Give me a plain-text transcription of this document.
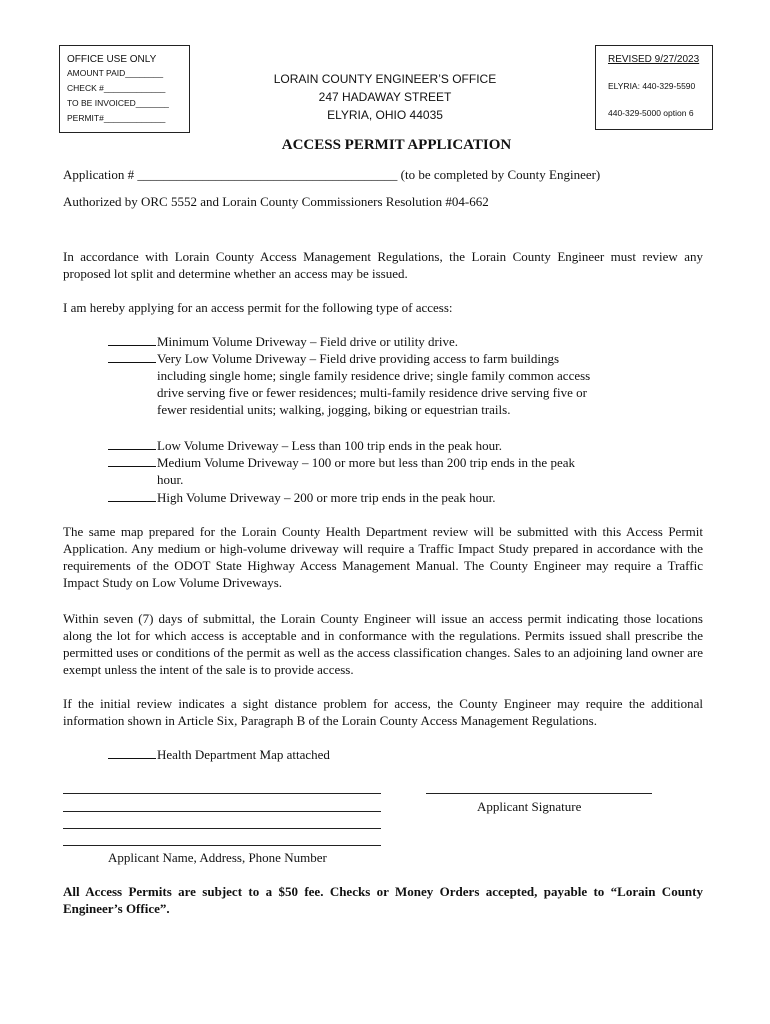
OFFICE USE ONLY
AMOUNT PAID________
CHECK #_____________
TO BE INVOICED_______
PERMIT#_____________
LORAIN COUNTY ENGINEER’S OFFICE
247 HADAWAY STREET
ELYRIA, OHIO 44035
REVISED 9/27/2023
ELYRIA: 440-329-5590
440-329-5000 option 6
ACCESS PERMIT APPLICATION
Application # ________________________________________ (to be completed by County Engineer)
Authorized by ORC 5552 and Lorain County Commissioners Resolution #04-662
In accordance with Lorain County Access Management Regulations, the Lorain County Engineer must review any proposed lot split and determine whether an access may be issued.
I am hereby applying for an access permit for the following type of access:
Minimum Volume Driveway – Field drive or utility drive.
Very Low Volume Driveway – Field drive providing access to farm buildings including single home; single family residence drive; single family common access drive serving five or fewer residences; multi-family residence drive serving five or fewer residential units; walking, jogging, biking or equestrian trails.
Low Volume Driveway – Less than 100 trip ends in the peak hour.
Medium Volume Driveway – 100 or more but less than 200 trip ends in the peak hour.
High Volume Driveway – 200 or more trip ends in the peak hour.
The same map prepared for the Lorain County Health Department review will be submitted with this Access Permit Application. Any medium or high-volume driveway will require a Traffic Impact Study prepared in accordance with the requirements of the ODOT State Highway Access Management Manual. The County Engineer may require a Traffic Impact Study on Low Volume Driveways.
Within seven (7) days of submittal, the Lorain County Engineer will issue an access permit indicating those locations along the lot for which access is acceptable and in conformance with the regulations. Permits issued shall prescribe the permitted uses or conditions of the permit as well as the access classification changes. Sales to an adjoining land owner are exempt unless the intent of the sale is to provide access.
If the initial review indicates a sight distance problem for access, the County Engineer may require the additional information shown in Article Six, Paragraph B of the Lorain County Access Management Regulations.
Health Department Map attached
Applicant Name, Address, Phone Number
Applicant Signature
All Access Permits are subject to a $50 fee. Checks or Money Orders accepted, payable to “Lorain County Engineer’s Office”.
